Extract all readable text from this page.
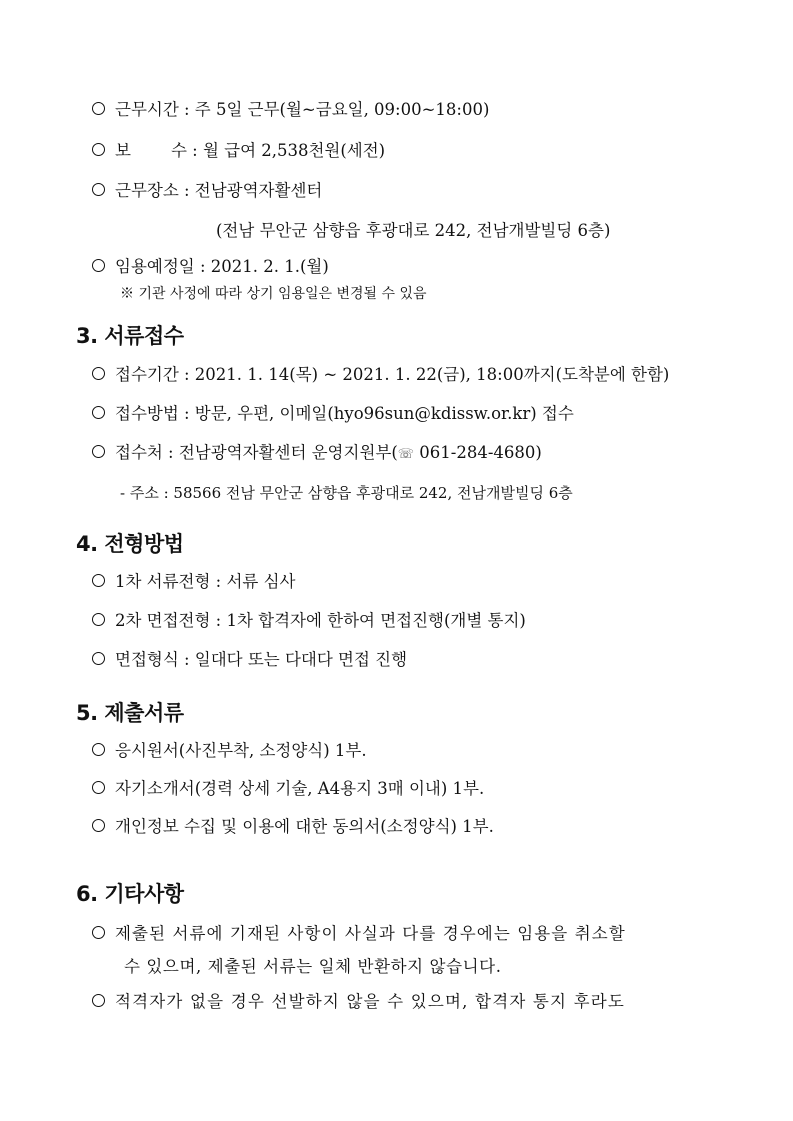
근무시간 : 주 5일 근무(월~금요일, 09:00~18:00)
보 수 : 월 급여 2,538천원(세전)
근무장소 : 전남광역자활센터
(전남 무안군 삼향읍 후광대로 242, 전남개발빌딩 6층)
임용예정일 : 2021. 2. 1.(월)
※ 기관 사정에 따라 상기 임용일은 변경될 수 있음
3. 서류접수
접수기간 : 2021. 1. 14(목) ~ 2021. 1. 22(금), 18:00까지(도착분에 한함)
접수방법 : 방문, 우편, 이메일(hyo96sun@kdissw.or.kr) 접수
접수처 : 전남광역자활센터 운영지원부(☏ 061-284-4680)
- 주소 : 58566 전남 무안군 삼향읍 후광대로 242, 전남개발빌딩 6층
4. 전형방법
1차 서류전형 : 서류 심사
2차 면접전형 : 1차 합격자에 한하여 면접진행(개별 통지)
면접형식 : 일대다 또는 다대다 면접 진행
5. 제출서류
응시원서(사진부착, 소정양식) 1부.
자기소개서(경력 상세 기술, A4용지 3매 이내) 1부.
개인정보 수집 및 이용에 대한 동의서(소정양식) 1부.
6. 기타사항
제출된 서류에 기재된 사항이 사실과 다를 경우에는 임용을 취소할
수 있으며, 제출된 서류는 일체 반환하지 않습니다.
적격자가 없을 경우 선발하지 않을 수 있으며, 합격자 통지 후라도
